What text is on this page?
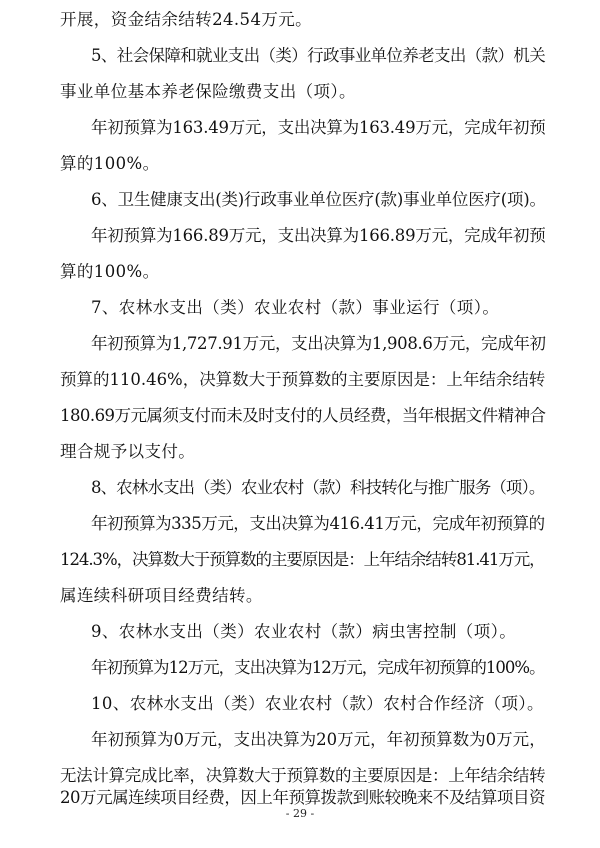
开展，资金结余结转24.54万元。
5、社会保障和就业支出（类）行政事业单位养老支出（款）机关
事业单位基本养老保险缴费支出（项）。
年初预算为163.49万元，支出决算为163.49万元，完成年初预
算的100%。
6、卫生健康支出(类)行政事业单位医疗(款)事业单位医疗(项)。
年初预算为166.89万元，支出决算为166.89万元，完成年初预
算的100%。
7、农林水支出（类）农业农村（款）事业运行（项）。
年初预算为1,727.91万元，支出决算为1,908.6万元，完成年初
预算的110.46%，决算数大于预算数的主要原因是：上年结余结转
180.69万元属须支付而未及时支付的人员经费，当年根据文件精神合
理合规予以支付。
8、农林水支出（类）农业农村（款）科技转化与推广服务（项）。
年初预算为335万元，支出决算为416.41万元，完成年初预算的
124.3%，决算数大于预算数的主要原因是：上年结余结转81.41万元，
属连续科研项目经费结转。
9、农林水支出（类）农业农村（款）病虫害控制（项）。
年初预算为12万元，支出决算为12万元，完成年初预算的100%。
10、农林水支出（类）农业农村（款）农村合作经济（项）。
年初预算为0万元，支出决算为20万元，年初预算数为0万元，
无法计算完成比率，决算数大于预算数的主要原因是：上年结余结转
20万元属连续项目经费，因上年预算拨款到账较晚来不及结算项目资
- 29 -
